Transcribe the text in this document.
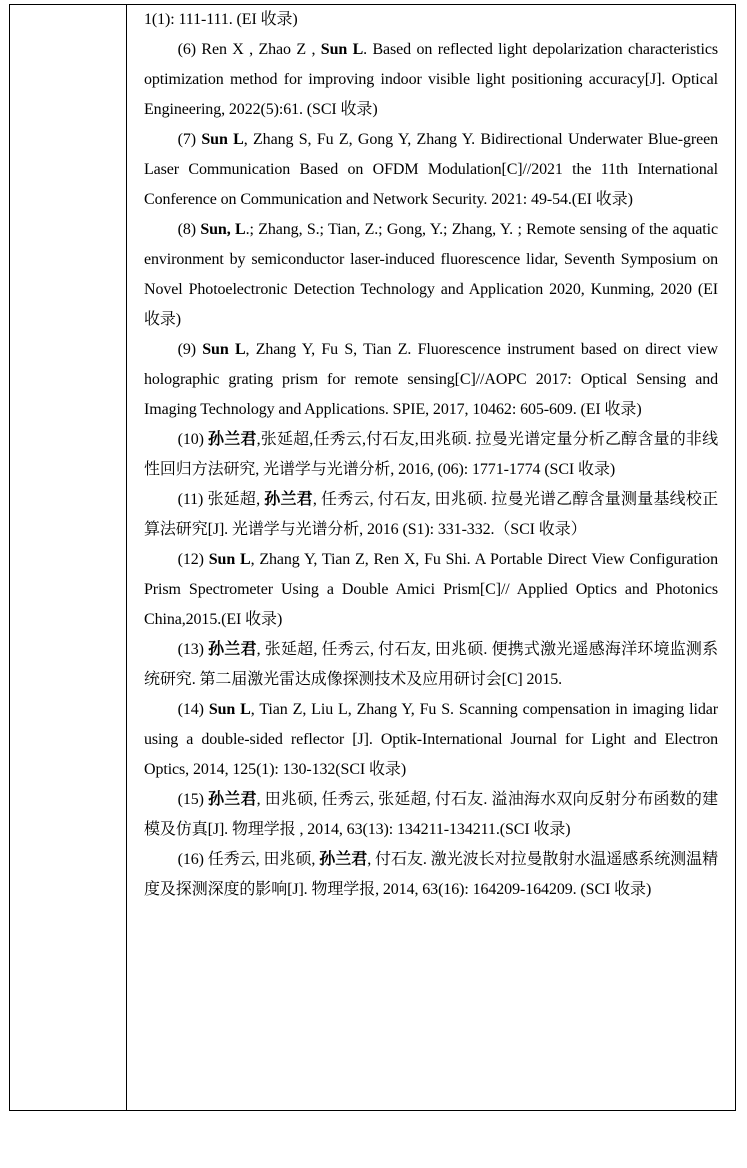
1(1): 111-111. (EI 收录)

(6) Ren X , Zhao Z , Sun L. Based on reflected light depolarization characteristics optimization method for improving indoor visible light positioning accuracy[J]. Optical Engineering, 2022(5):61. (SCI 收录)

(7) Sun L, Zhang S, Fu Z, Gong Y, Zhang Y. Bidirectional Underwater Blue-green Laser Communication Based on OFDM Modulation[C]//2021 the 11th International Conference on Communication and Network Security. 2021: 49-54.(EI 收录)

(8) Sun, L.; Zhang, S.; Tian, Z.; Gong, Y.; Zhang, Y. ; Remote sensing of the aquatic environment by semiconductor laser-induced fluorescence lidar, Seventh Symposium on Novel Photoelectronic Detection Technology and Application 2020, Kunming, 2020 (EI 收录)

(9) Sun L, Zhang Y, Fu S, Tian Z. Fluorescence instrument based on direct view holographic grating prism for remote sensing[C]//AOPC 2017: Optical Sensing and Imaging Technology and Applications. SPIE, 2017, 10462: 605-609. (EI 收录)

(10) 孙兰君,张延超,任秀云,付石友,田兆硕. 拉曼光谱定量分析乙醇含量的非线性回归方法研究, 光谱学与光谱分析, 2016, (06): 1771-1774 (SCI 收录)

(11) 张延超, 孙兰君, 任秀云, 付石友, 田兆硕. 拉曼光谱乙醇含量测量基线校正算法研究[J]. 光谱学与光谱分析, 2016 (S1): 331-332.（SCI 收录）

(12) Sun L, Zhang Y, Tian Z, Ren X, Fu Shi. A Portable Direct View Configuration Prism Spectrometer Using a Double Amici Prism[C]// Applied Optics and Photonics China,2015.(EI 收录)

(13) 孙兰君, 张延超, 任秀云, 付石友, 田兆硕. 便携式激光遥感海洋环境监测系统研究. 第二届激光雷达成像探测技术及应用研讨会[C] 2015.

(14) Sun L, Tian Z, Liu L, Zhang Y, Fu S. Scanning compensation in imaging lidar using a double-sided reflector [J]. Optik-International Journal for Light and Electron Optics, 2014, 125(1): 130-132(SCI 收录)

(15) 孙兰君, 田兆硕, 任秀云, 张延超, 付石友. 溢油海水双向反射分布函数的建模及仿真[J]. 物理学报 , 2014, 63(13): 134211-134211.(SCI 收录)

(16) 任秀云, 田兆硕, 孙兰君, 付石友. 激光波长对拉曼散射水温遥感系统测温精度及探测深度的影响[J]. 物理学报, 2014, 63(16): 164209-164209. (SCI 收录)
